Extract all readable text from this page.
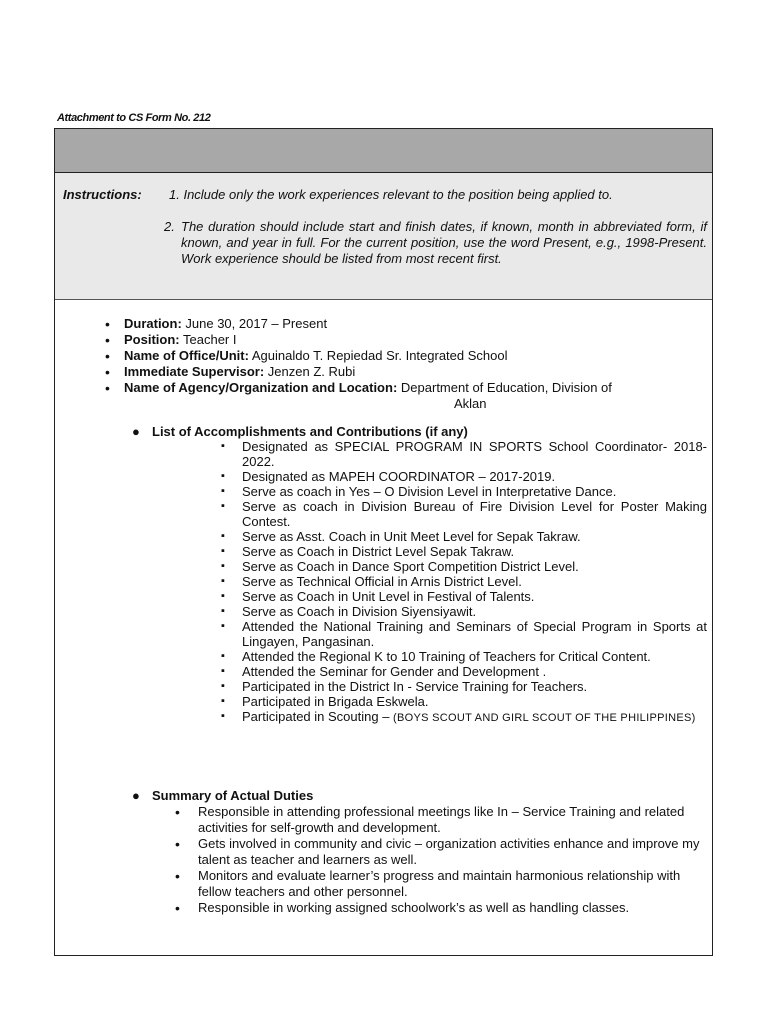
Attachment to CS Form No. 212
Instructions: 1. Include only the work experiences relevant to the position being applied to.
2. The duration should include start and finish dates, if known, month in abbreviated form, if known, and year in full. For the current position, use the word Present, e.g., 1998-Present. Work experience should be listed from most recent first.
• Duration: June 30, 2017 – Present
• Position: Teacher I
• Name of Office/Unit: Aguinaldo T. Repiedad Sr. Integrated School
• Immediate Supervisor: Jenzen Z. Rubi
• Name of Agency/Organization and Location: Department of Education, Division of
Aklan
● List of Accomplishments and Contributions (if any)
▪ Designated as SPECIAL PROGRAM IN SPORTS School Coordinator- 2018-2022.
▪ Designated as MAPEH COORDINATOR – 2017-2019.
▪ Serve as coach in Yes – O Division Level in Interpretative Dance.
▪ Serve as coach in Division Bureau of Fire Division Level for Poster Making Contest.
▪ Serve as Asst. Coach in Unit Meet Level for Sepak Takraw.
▪ Serve as Coach in District Level Sepak Takraw.
▪ Serve as Coach in Dance Sport Competition District Level.
▪ Serve as Technical Official in Arnis District Level.
▪ Serve as Coach in Unit Level in Festival of Talents.
▪ Serve as Coach in Division Siyensiyawit.
▪ Attended the National Training and Seminars of Special Program in Sports at Lingayen, Pangasinan.
▪ Attended the Regional K to 10 Training of Teachers for Critical Content.
▪ Attended the Seminar for Gender and Development .
▪ Participated in the District In - Service Training for Teachers.
▪ Participated in Brigada Eskwela.
▪ Participated in Scouting – (BOYS SCOUT AND GIRL SCOUT OF THE PHILIPPINES)
● Summary of Actual Duties
• Responsible in attending professional meetings like In – Service Training and related activities for self-growth and development.
• Gets involved in community and civic – organization activities enhance and improve my talent as teacher and learners as well.
• Monitors and evaluate learner’s progress and maintain harmonious relationship with fellow teachers and other personnel.
• Responsible in working assigned schoolwork’s as well as handling classes.
